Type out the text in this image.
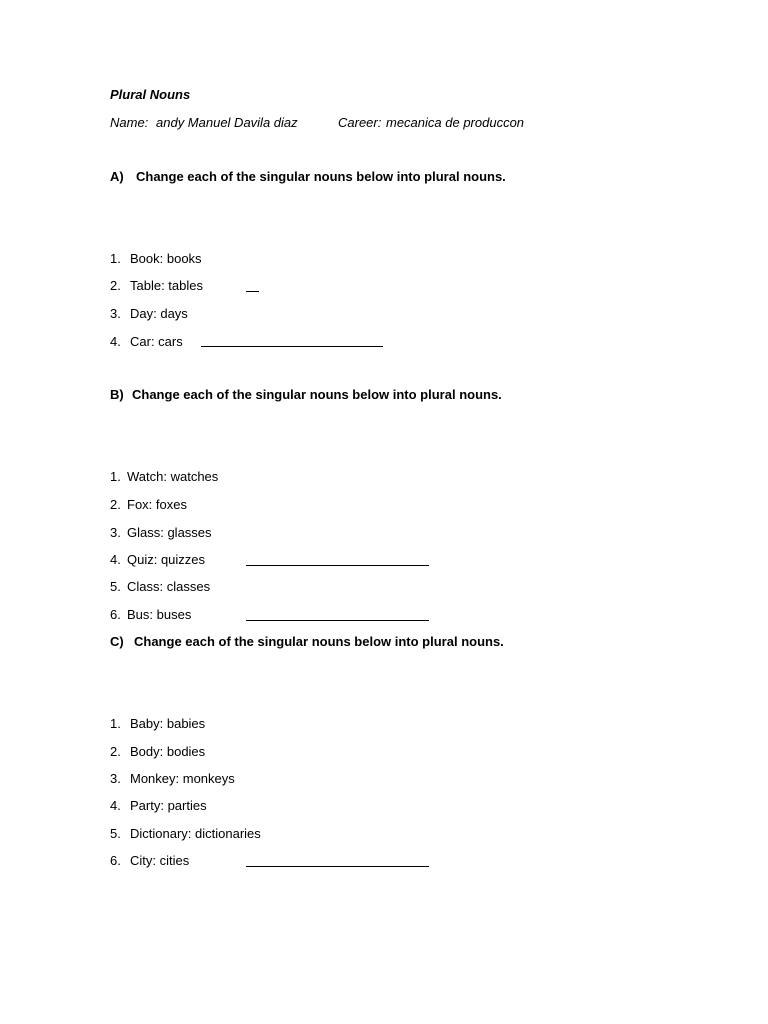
Plural Nouns
Name: andy Manuel Davila diaz	Career: mecanica de produccon
A) Change each of the singular nouns below into plural nouns.
1. Book: books
2. Table: tables
3. Day: days
4. Car: cars
B) Change each of the singular nouns below into plural nouns.
1. Watch: watches
2. Fox: foxes
3. Glass: glasses
4. Quiz: quizzes
5. Class: classes
6. Bus: buses
C) Change each of the singular nouns below into plural nouns.
1. Baby: babies
2. Body: bodies
3. Monkey: monkeys
4. Party: parties
5. Dictionary: dictionaries
6. City: cities
